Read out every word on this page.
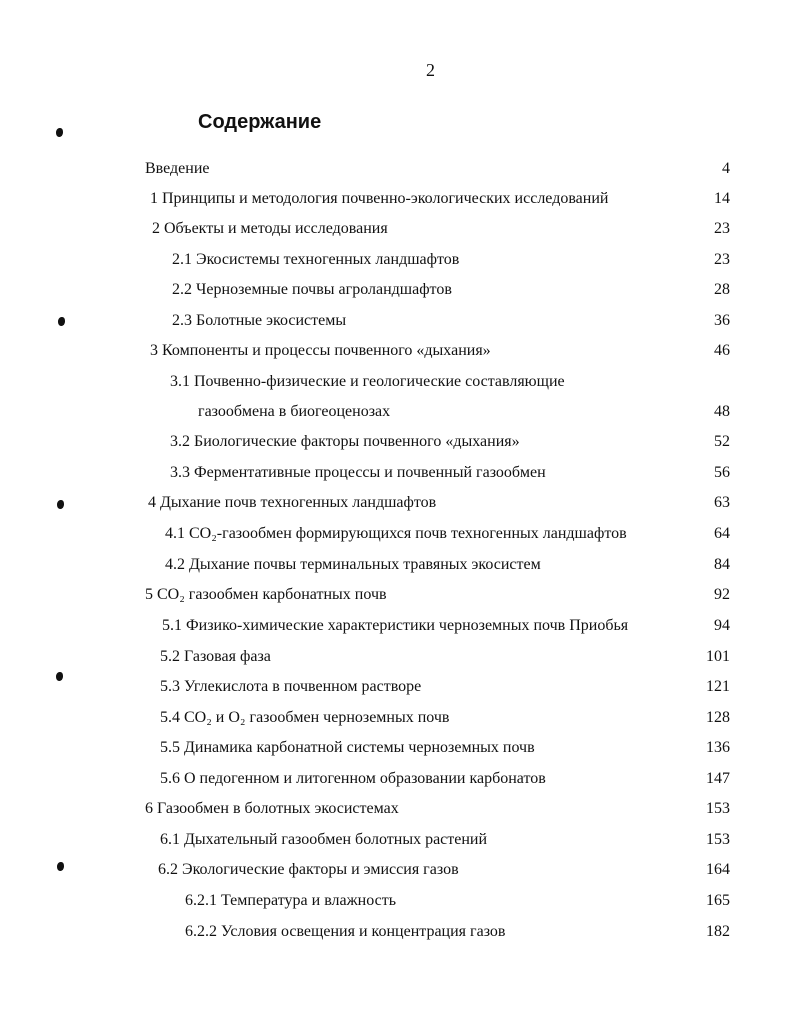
2
Содержание
Введение	4
1 Принципы и методология почвенно-экологических исследований	14
2 Объекты и методы исследования	23
2.1 Экосистемы техногенных ландшафтов	23
2.2 Черноземные почвы агроландшафтов	28
2.3 Болотные экосистемы	36
3 Компоненты и процессы почвенного «дыхания»	46
3.1 Почвенно-физические и геологические составляющие
газообмена в биогеоценозах	48
3.2 Биологические факторы почвенного «дыхания»	52
3.3 Ферментативные процессы и почвенный газообмен	56
4 Дыхание почв техногенных ландшафтов	63
4.1 CO₂-газообмен формирующихся почв техногенных ландшафтов	64
4.2 Дыхание почвы терминальных травяных экосистем	84
5 CO₂ газообмен карбонатных почв	92
5.1 Физико-химические характеристики черноземных почв Приобья	94
5.2 Газовая фаза	101
5.3 Углекислота в почвенном растворе	121
5.4 CO₂ и O₂ газообмен черноземных почв	128
5.5 Динамика карбонатной системы черноземных почв	136
5.6 О педогенном и литогенном образовании карбонатов	147
6 Газообмен в болотных экосистемах	153
6.1 Дыхательный газообмен болотных растений	153
6.2 Экологические факторы и эмиссия газов	164
6.2.1 Температура и влажность	165
6.2.2 Условия освещения и концентрация газов	182
